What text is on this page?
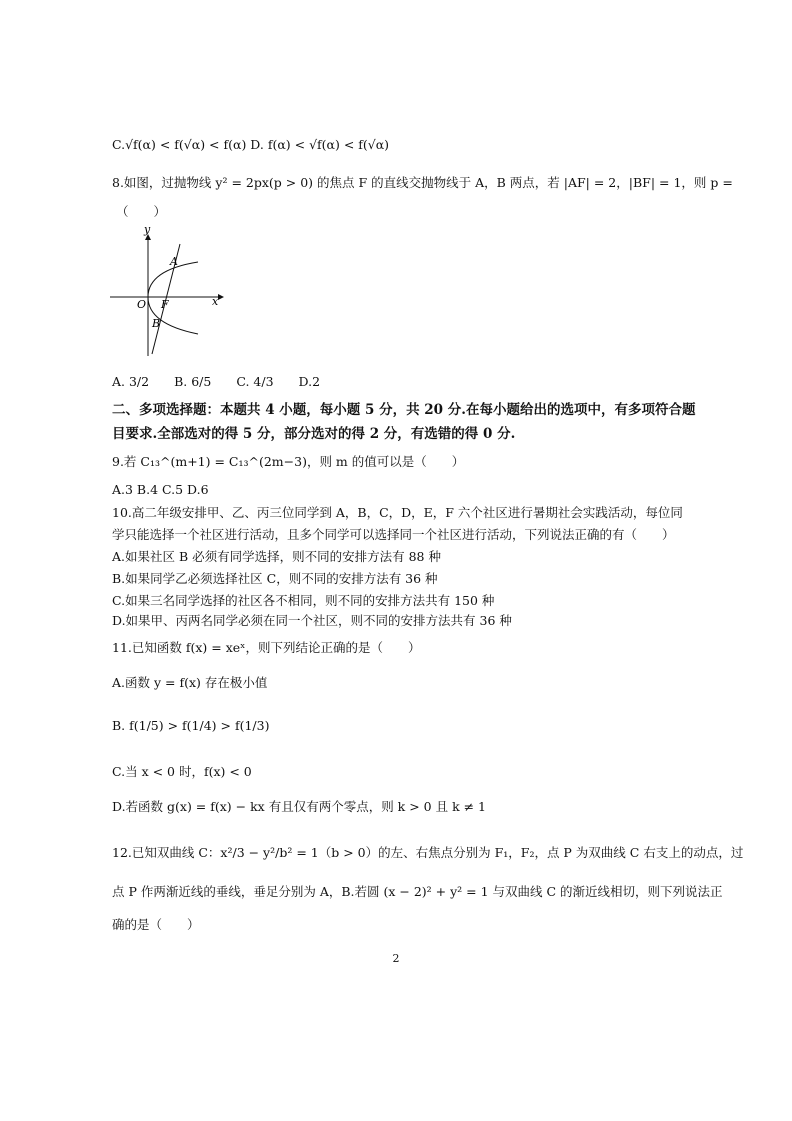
C.√f(α) < f(√α) < f(α) D. f(α) < √f(α) < f(√α)
8.如图，过抛物线 y² = 2px(p > 0) 的焦点 F 的直线交抛物线于 A，B 两点，若 |AF| = 2，|BF| = 1，则 p =
（　　）
y
x
O F
A
B
A. 3/2　　B. 6/5　　C. 4/3　　D.2
二、多项选择题：本题共 4 小题，每小题 5 分，共 20 分.在每小题给出的选项中，有多项符合题
目要求.全部选对的得 5 分，部分选对的得 2 分，有选错的得 0 分.
9.若 C₁₃^(m+1) = C₁₃^(2m−3)，则 m 的值可以是（　　）
A.3 B.4 C.5 D.6
10.高二年级安排甲、乙、丙三位同学到 A，B，C，D，E，F 六个社区进行暑期社会实践活动，每位同
学只能选择一个社区进行活动，且多个同学可以选择同一个社区进行活动，下列说法正确的有（　　）
A.如果社区 B 必须有同学选择，则不同的安排方法有 88 种
B.如果同学乙必须选择社区 C，则不同的安排方法有 36 种
C.如果三名同学选择的社区各不相同，则不同的安排方法共有 150 种
D.如果甲、丙两名同学必须在同一个社区，则不同的安排方法共有 36 种
11.已知函数 f(x) = xeˣ，则下列结论正确的是（　　）
A.函数 y = f(x) 存在极小值
B. f(1/5) > f(1/4) > f(1/3)
C.当 x < 0 时，f(x) < 0
D.若函数 g(x) = f(x) − kx 有且仅有两个零点，则 k > 0 且 k ≠ 1
12.已知双曲线 C：x²/3 − y²/b² = 1（b > 0）的左、右焦点分别为 F₁，F₂，点 P 为双曲线 C 右支上的动点，过
点 P 作两渐近线的垂线，垂足分别为 A，B.若圆 (x − 2)² + y² = 1 与双曲线 C 的渐近线相切，则下列说法正
确的是（　　）
2
